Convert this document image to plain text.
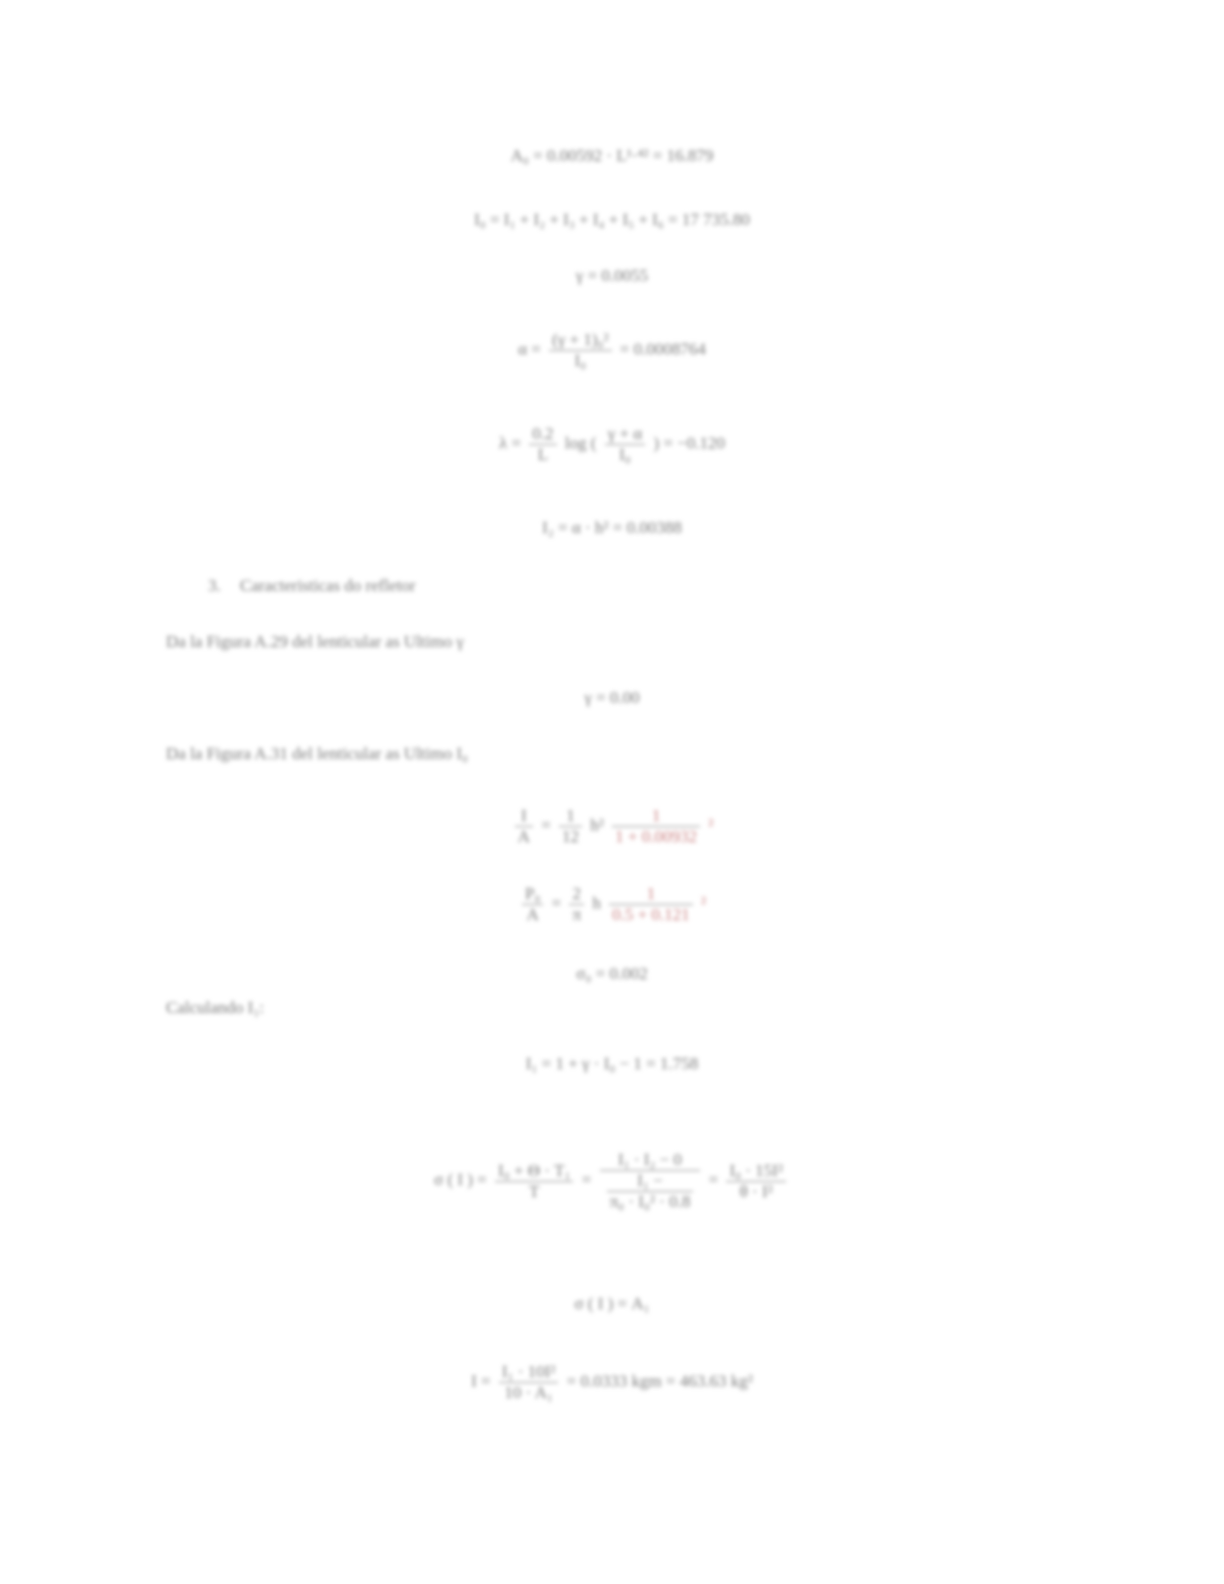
A₀ = 0.00592 · L¹·⁴² = 16.879
I₀ = I₁ + I₂ + I₃ + I₄ + I₅ + I₆ = 17 735.80
γ = 0.0055
$\alpha = \frac{\text{(γ + 1)₀²}}{\text{I₀}} = 0.0008764$
$\lambda = \frac{0.2}{L}$ log ( $\frac{\gamma + \alpha}{\text{I₀}}$ ) = −0.120
I₂ = α · h² = 0.00388
3. Caracteristicas do refletor
Da la Figura A.29 del lenticular as Ultimo γ
γ = 0.00
Da la Figura A.31 del lenticular as Ultimo I₀
$\frac{I}{A} = \frac{1}{12} h^2 \frac{1}{1 + 0.00932} ^2$
$\frac{\text{P₀}}{A} = \frac{2}{\pi}$ h $\frac{1}{0.5 + 0.121} ^2$
σ₀ = 0.002
Calculando I₁:
I₁ = 1 + γ · I₀ − 1 = 1.758
σ ( I ) = $\frac{\text{I₀ + Θ · T₁}}{T} = \frac{\text{I₁ · I₂ − 0}}{\frac{\text{I₁ −}}{\text{π₀ · I₀² · 0.8}}} = \frac{\text{I₀ · 15I²}}{\text{θ · I²}}$
σ ( I ) = A₁
$I = \frac{\text{I₁ · 10I²}}{\text{10 · A₁}} = 0.0333$ kgm = 463.63 kg²
